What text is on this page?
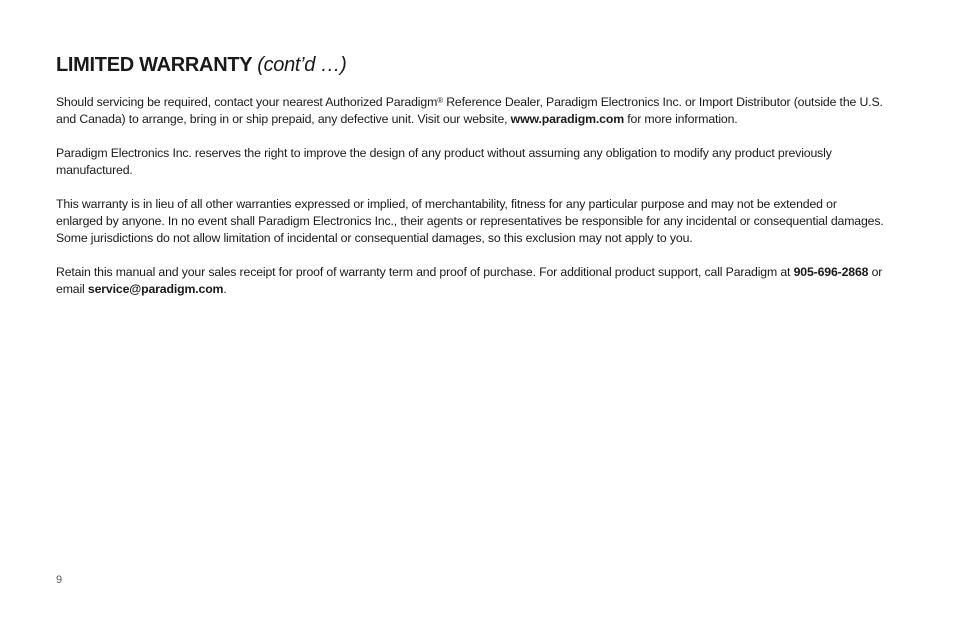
LIMITED WARRANTY (cont’d …)

Should servicing be required, contact your nearest Authorized Paradigm® Reference Dealer, Paradigm Electronics Inc. or Import Distributor (outside the U.S. and Canada) to arrange, bring in or ship prepaid, any defective unit. Visit our website, www.paradigm.com for more information.

Paradigm Electronics Inc. reserves the right to improve the design of any product without assuming any obligation to modify any product previously manufactured.

This warranty is in lieu of all other warranties expressed or implied, of merchantability, fitness for any particular purpose and may not be extended or enlarged by anyone. In no event shall Paradigm Electronics Inc., their agents or representatives be responsible for any incidental or consequential damages. Some jurisdictions do not allow limitation of incidental or consequential damages, so this exclusion may not apply to you.

Retain this manual and your sales receipt for proof of warranty term and proof of purchase. For additional product support, call Paradigm at 905-696-2868 or email service@paradigm.com.

9
